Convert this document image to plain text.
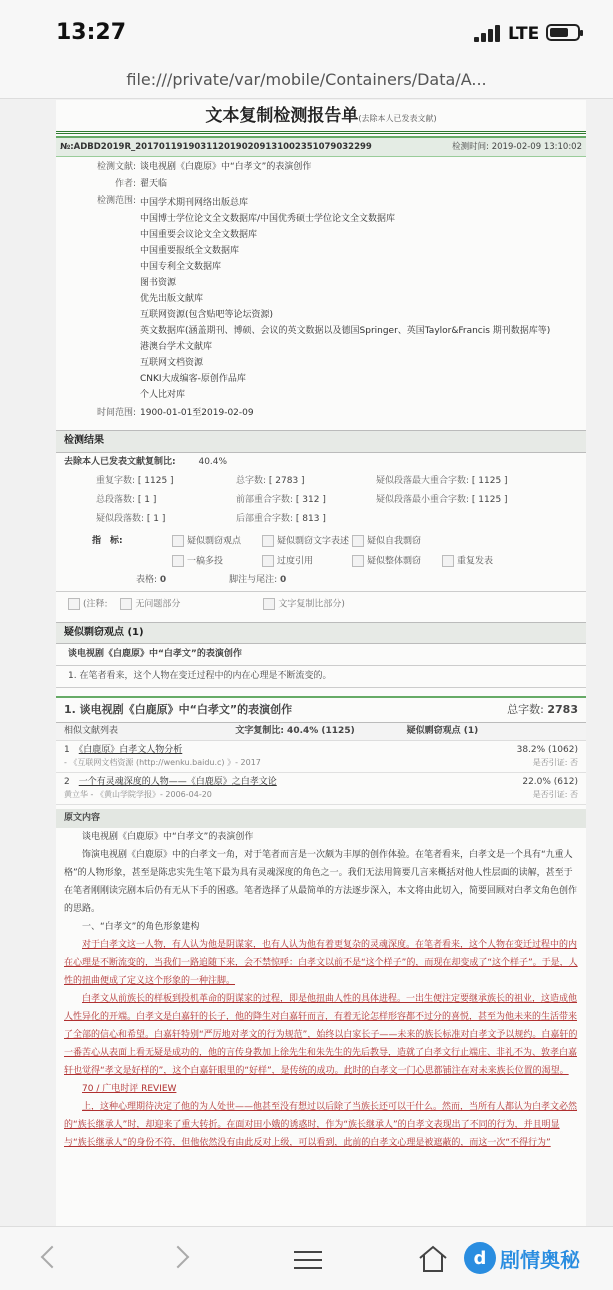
13:27	LTE
file:///private/var/mobile/Containers/Data/A...
文本复制检测报告单(去除本人已发表文献)
№:ADBD2019R_20170119190311201902091310023510790322​99	检测时间: 2019-02-09 13:10:02
检测文献: 谈电视剧《白鹿原》中“白孝文”的表演创作
作者: 翟天临
检测范围: 中国学术期刊网络出版总库
中国博士学位论文全文数据库/中国优秀硕士学位论文全文数据库
中国重要会议论文全文数据库
中国重要报纸全文数据库
中国专利全文数据库
图书资源
优先出版文献库
互联网资源(包含贴吧等论坛资源)
英文数据库(涵盖期刊、博硕、会议的英文数据以及德国Springer、英国Taylor&Francis 期刊数据库等)
港澳台学术文献库
互联网文档资源
CNKI大成编客-原创作品库
个人比对库
时间范围: 1900-01-01至2019-02-09
检测结果
去除本人已发表文献复制比:	40.4%
重复字数: [ 1125 ]	总字数: [ 2783 ]	疑似段落最大重合字数: [ 1125 ]
总段落数: [ 1 ]	前部重合字数: [ 312 ]	疑似段落最小重合字数: [ 1125 ]
疑似段落数: [ 1 ]	后部重合字数: [ 813 ]
指　标:	疑似剽窃观点	疑似剽窃文字表述	疑似自我剽窃
一稿多投	过度引用	疑似整体剽窃	重复发表
表格: 0	脚注与尾注: 0
(注释:	无问题部分	文字复制比部分)
疑似剽窃观点 (1)
谈电视剧《白鹿原》中“白孝文”的表演创作
1. 在笔者看来，这个人物在变迁过程中的内在心理是不断流变的。
1. 谈电视剧《白鹿原》中“白孝文”的表演创作	总字数: 2783
相似文献列表	文字复制比: 40.4% (1125)	疑似剽窃观点 (1)
1　 《白鹿原》白孝文人物分析	38.2% (1062)
- 《互联网文档资源 (http://wenku.baidu.c) 》- 2017	是否引证: 否
2　 一个有灵魂深度的人物——《白鹿原》之白孝文论	22.0% (612)
黄立华 - 《黄山学院学报》- 2006-04-20	是否引证: 否
原文内容
谈电视剧《白鹿原》中“白孝文”的表演创作
饰演电视剧《白鹿原》中的白孝文一角，对于笔者而言是一次颇为丰厚的创作体验。在笔者看来，白孝文是一个具有“九重人格”的人物形象，甚至是陈忠实先生笔下最为具有灵魂深度的角色之一。我们无法用简要几言来概括对他人性层面的读解，甚至于在笔者刚刚读完剧本后仍有无从下手的困惑。笔者选择了从最简单的方法逐步深入，本文将由此切入，简要回顾对白孝文角色创作的思路。
一、“白孝文”的角色形象建构
对于白孝文这一人物，有人认为他是阴谋家，也有人认为他有着更复杂的灵魂深度。在笔者看来，这个人物在变迁过程中的内在心理是不断流变的，当我们一路追随下来，会不禁惊呼：白孝文以前不是“这个样子”的，而现在却变成了“这个样子”。于是，人性的扭曲便成了定义这个形象的一种注脚。
白孝文从前族长的样板到投机革命的阴谋家的过程，即是他扭曲人性的具体进程。一出生便注定要继承族长的祖业，这造成他人性异化的开端。白孝文是白嘉轩的长子，他的降生对白嘉轩而言，有着无论怎样形容都不过分的喜悦，甚至为他未来的生活带来了全部的信心和希望。白嘉轩特别“严厉地对孝文的行为规范”，始终以白家长子——未来的族长标准对白孝文予以规约。白嘉轩的一番苦心从表面上看无疑是成功的，他的言传身教加上徐先生和朱先生的先后教导，造就了白孝文行止端庄、非礼不为、敦孝白嘉轩也觉得“孝文是好样的”，这个白嘉轩眼里的“好样”，是传统的成功。此时的白孝文一门心思都铺注在对未来族长位置的渴望。
70 / 广电时评 REVIEW
上，这种心理期待决定了他的为人处世——他甚至没有想过以后除了当族长还可以干什么。然而，当所有人都认为白孝文必然的“族长继承人”时，却迎来了重大转折。在面对田小娥的诱惑时，作为“族长继承人”的白孝文表现出了不同的行为，并且明显与“族长继承人”的身份不符，但他依然没有由此反对上级，可以看到，此前的白孝文心理是被遮蔽的，而这一次“不得行为”
d 剧情奥秘
